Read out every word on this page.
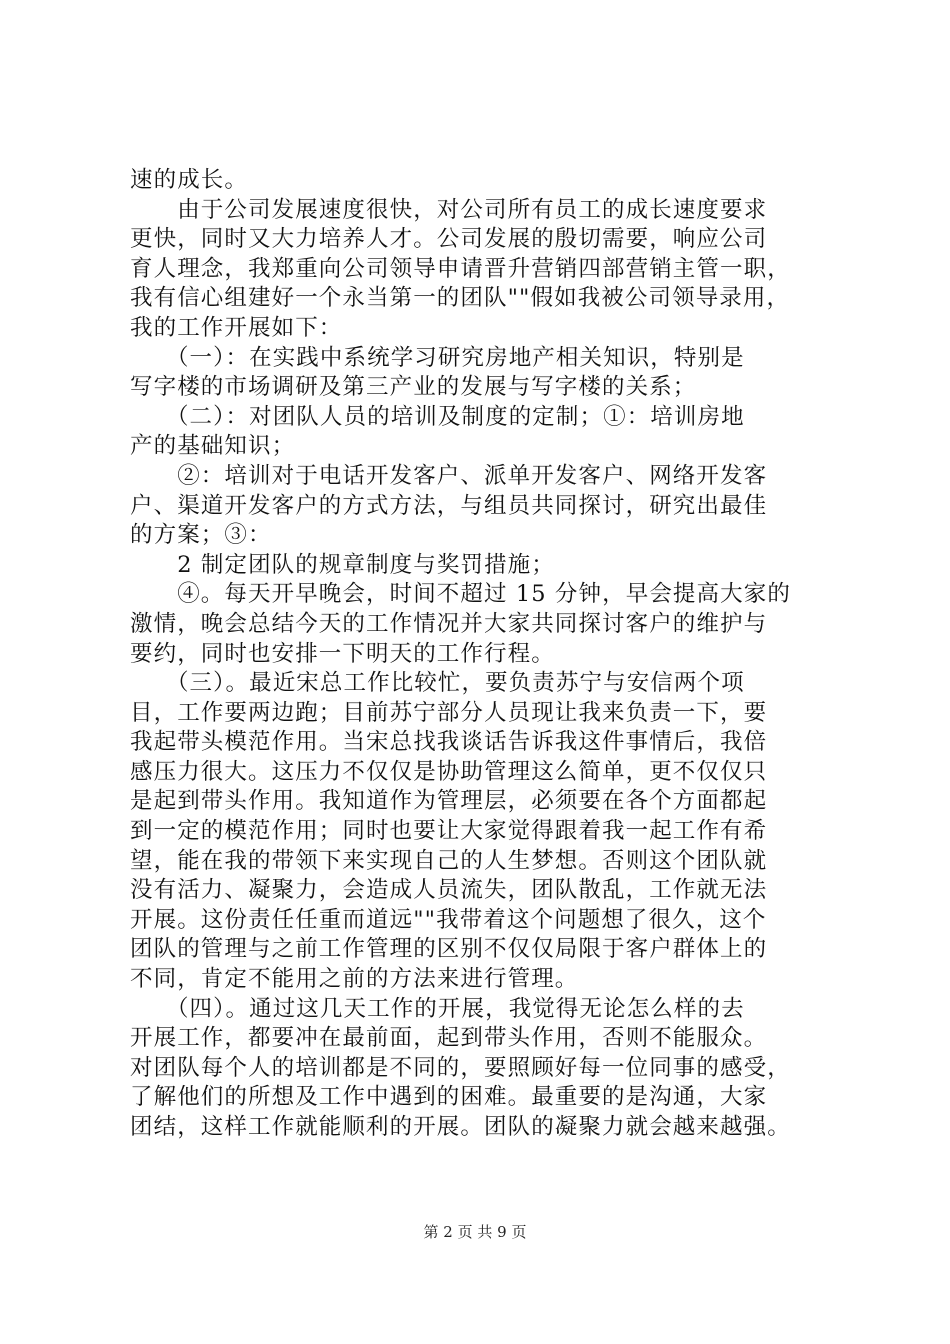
速的成长。
　　由于公司发展速度很快，对公司所有员工的成长速度要求
更快，同时又大力培养人才。公司发展的殷切需要，响应公司
育人理念，我郑重向公司领导申请晋升营销四部营销主管一职，
我有信心组建好一个永当第一的团队""假如我被公司领导录用，
我的工作开展如下：
　　（一）：在实践中系统学习研究房地产相关知识，特别是
写字楼的市场调研及第三产业的发展与写字楼的关系；
　　（二）：对团队人员的培训及制度的定制；①：培训房地
产的基础知识；
　　②：培训对于电话开发客户、派单开发客户、网络开发客
户、渠道开发客户的方式方法，与组员共同探讨，研究出最佳
的方案；③：
　　2 制定团队的规章制度与奖罚措施；
　　④。每天开早晚会，时间不超过 15 分钟，早会提高大家的
激情，晚会总结今天的工作情况并大家共同探讨客户的维护与
要约，同时也安排一下明天的工作行程。
　　（三）。最近宋总工作比较忙，要负责苏宁与安信两个项
目，工作要两边跑；目前苏宁部分人员现让我来负责一下，要
我起带头模范作用。当宋总找我谈话告诉我这件事情后，我倍
感压力很大。这压力不仅仅是协助管理这么简单，更不仅仅只
是起到带头作用。我知道作为管理层，必须要在各个方面都起
到一定的模范作用；同时也要让大家觉得跟着我一起工作有希
望，能在我的带领下来实现自己的人生梦想。否则这个团队就
没有活力、凝聚力，会造成人员流失，团队散乱，工作就无法
开展。这份责任任重而道远""我带着这个问题想了很久，这个
团队的管理与之前工作管理的区别不仅仅局限于客户群体上的
不同，肯定不能用之前的方法来进行管理。
　　（四）。通过这几天工作的开展，我觉得无论怎么样的去
开展工作，都要冲在最前面，起到带头作用，否则不能服众。
对团队每个人的培训都是不同的，要照顾好每一位同事的感受，
了解他们的所想及工作中遇到的困难。最重要的是沟通，大家
团结，这样工作就能顺利的开展。团队的凝聚力就会越来越强。
第 2 页 共 9 页
